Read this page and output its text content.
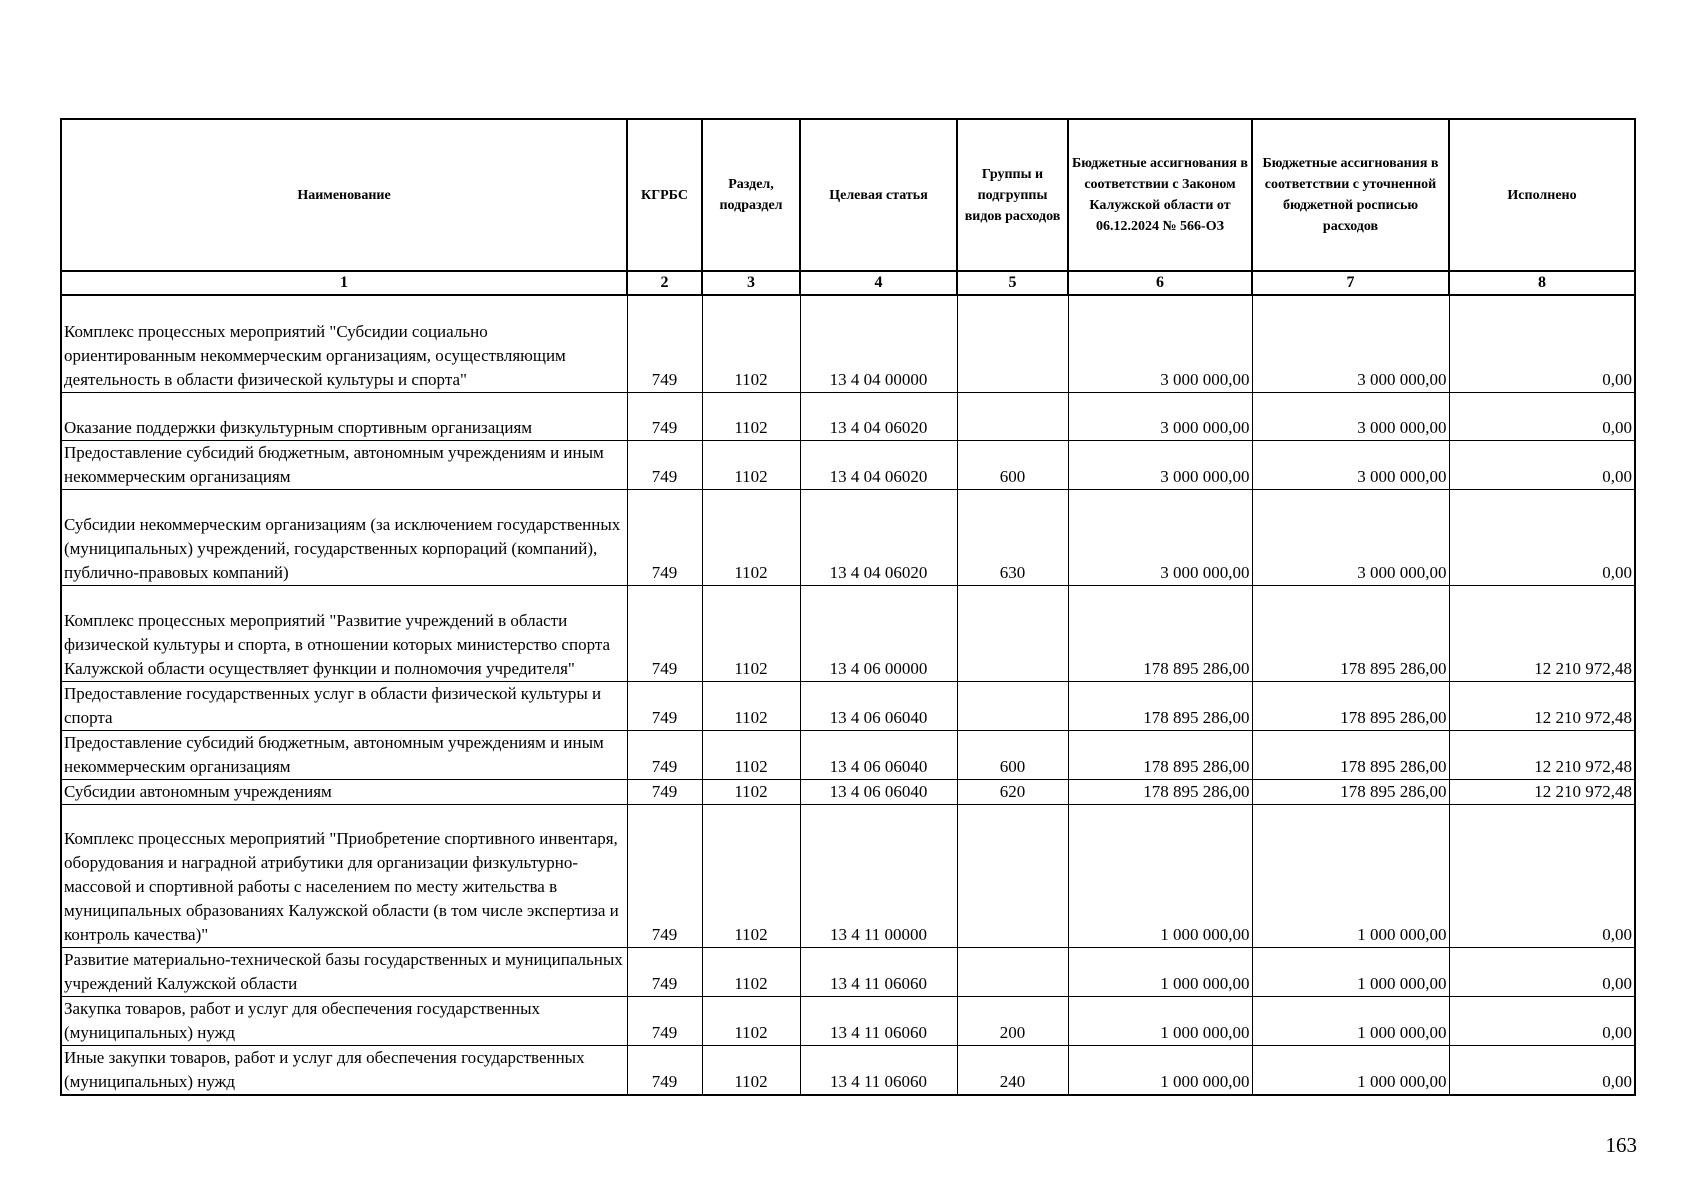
Наименование	КГРБС	Раздел, подраздел	Целевая статья	Группы и подгруппы видов расходов	Бюджетные ассигнования в соответствии с Законом Калужской области от 06.12.2024 № 566-ОЗ	Бюджетные ассигнования в соответствии с уточненной бюджетной росписью расходов	Исполнено
1	2	3	4	5	6	7	8
Комплекс процессных мероприятий "Субсидии социально ориентированным некоммерческим организациям, осуществляющим деятельность в области физической культуры и спорта"	749	1102	13 4 04 00000		3 000 000,00	3 000 000,00	0,00
Оказание поддержки физкультурным спортивным организациям	749	1102	13 4 04 06020		3 000 000,00	3 000 000,00	0,00
Предоставление субсидий бюджетным, автономным учреждениям и иным некоммерческим организациям	749	1102	13 4 04 06020	600	3 000 000,00	3 000 000,00	0,00
Субсидии некоммерческим организациям (за исключением государственных (муниципальных) учреждений, государственных корпораций (компаний), публично-правовых компаний)	749	1102	13 4 04 06020	630	3 000 000,00	3 000 000,00	0,00
Комплекс процессных мероприятий "Развитие учреждений в области физической культуры и спорта, в отношении которых министерство спорта Калужской области осуществляет функции и полномочия учредителя"	749	1102	13 4 06 00000		178 895 286,00	178 895 286,00	12 210 972,48
Предоставление государственных услуг в области физической культуры и спорта	749	1102	13 4 06 06040		178 895 286,00	178 895 286,00	12 210 972,48
Предоставление субсидий бюджетным, автономным учреждениям и иным некоммерческим организациям	749	1102	13 4 06 06040	600	178 895 286,00	178 895 286,00	12 210 972,48
Субсидии автономным учреждениям	749	1102	13 4 06 06040	620	178 895 286,00	178 895 286,00	12 210 972,48
Комплекс процессных мероприятий "Приобретение спортивного инвентаря, оборудования и наградной атрибутики для организации физкультурно-массовой и спортивной работы с населением по месту жительства в муниципальных образованиях Калужской области (в том числе экспертиза и контроль качества)"	749	1102	13 4 11 00000		1 000 000,00	1 000 000,00	0,00
Развитие материально-технической базы государственных и муниципальных учреждений Калужской области	749	1102	13 4 11 06060		1 000 000,00	1 000 000,00	0,00
Закупка товаров, работ и услуг для обеспечения государственных (муниципальных) нужд	749	1102	13 4 11 06060	200	1 000 000,00	1 000 000,00	0,00
Иные закупки товаров, работ и услуг для обеспечения государственных (муниципальных) нужд	749	1102	13 4 11 06060	240	1 000 000,00	1 000 000,00	0,00
163
